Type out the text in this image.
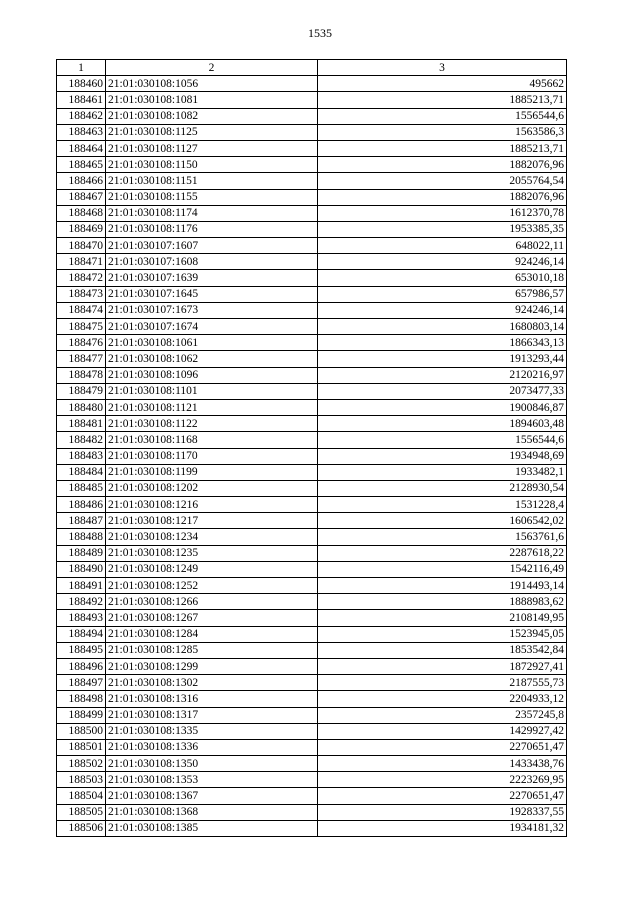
1535
1	2	3
188460	21:01:030108:1056	495662
188461	21:01:030108:1081	1885213,71
188462	21:01:030108:1082	1556544,6
188463	21:01:030108:1125	1563586,3
188464	21:01:030108:1127	1885213,71
188465	21:01:030108:1150	1882076,96
188466	21:01:030108:1151	2055764,54
188467	21:01:030108:1155	1882076,96
188468	21:01:030108:1174	1612370,78
188469	21:01:030108:1176	1953385,35
188470	21:01:030107:1607	648022,11
188471	21:01:030107:1608	924246,14
188472	21:01:030107:1639	653010,18
188473	21:01:030107:1645	657986,57
188474	21:01:030107:1673	924246,14
188475	21:01:030107:1674	1680803,14
188476	21:01:030108:1061	1866343,13
188477	21:01:030108:1062	1913293,44
188478	21:01:030108:1096	2120216,97
188479	21:01:030108:1101	2073477,33
188480	21:01:030108:1121	1900846,87
188481	21:01:030108:1122	1894603,48
188482	21:01:030108:1168	1556544,6
188483	21:01:030108:1170	1934948,69
188484	21:01:030108:1199	1933482,1
188485	21:01:030108:1202	2128930,54
188486	21:01:030108:1216	1531228,4
188487	21:01:030108:1217	1606542,02
188488	21:01:030108:1234	1563761,6
188489	21:01:030108:1235	2287618,22
188490	21:01:030108:1249	1542116,49
188491	21:01:030108:1252	1914493,14
188492	21:01:030108:1266	1888983,62
188493	21:01:030108:1267	2108149,95
188494	21:01:030108:1284	1523945,05
188495	21:01:030108:1285	1853542,84
188496	21:01:030108:1299	1872927,41
188497	21:01:030108:1302	2187555,73
188498	21:01:030108:1316	2204933,12
188499	21:01:030108:1317	2357245,8
188500	21:01:030108:1335	1429927,42
188501	21:01:030108:1336	2270651,47
188502	21:01:030108:1350	1433438,76
188503	21:01:030108:1353	2223269,95
188504	21:01:030108:1367	2270651,47
188505	21:01:030108:1368	1928337,55
188506	21:01:030108:1385	1934181,32
